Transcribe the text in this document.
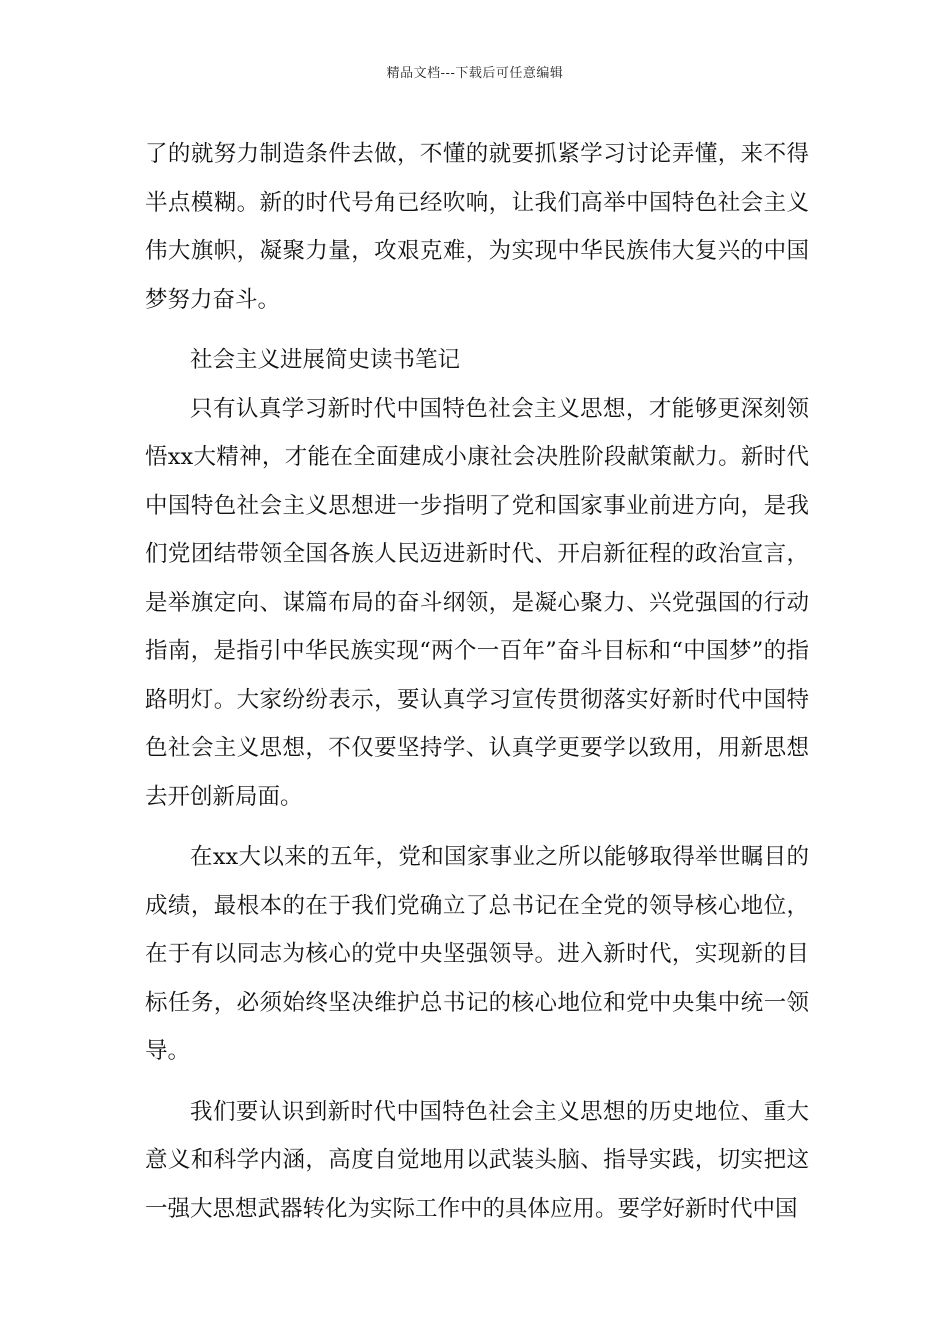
精品文档---下载后可任意编辑

了的就努力制造条件去做，不懂的就要抓紧学习讨论弄懂，来不得半点模糊。新的时代号角已经吹响，让我们高举中国特色社会主义伟大旗帜，凝聚力量，攻艰克难，为实现中华民族伟大复兴的中国梦努力奋斗。

社会主义进展简史读书笔记

只有认真学习新时代中国特色社会主义思想，才能够更深刻领悟xx大精神，才能在全面建成小康社会决胜阶段献策献力。新时代中国特色社会主义思想进一步指明了党和国家事业前进方向，是我们党团结带领全国各族人民迈进新时代、开启新征程的政治宣言，是举旗定向、谋篇布局的奋斗纲领，是凝心聚力、兴党强国的行动指南，是指引中华民族实现“两个一百年”奋斗目标和“中国梦”的指路明灯。大家纷纷表示，要认真学习宣传贯彻落实好新时代中国特色社会主义思想，不仅要坚持学、认真学更要学以致用，用新思想去开创新局面。

在xx大以来的五年，党和国家事业之所以能够取得举世瞩目的成绩，最根本的在于我们党确立了总书记在全党的领导核心地位，在于有以同志为核心的党中央坚强领导。进入新时代，实现新的目标任务，必须始终坚决维护总书记的核心地位和党中央集中统一领导。

我们要认识到新时代中国特色社会主义思想的历史地位、重大意义和科学内涵，高度自觉地用以武装头脑、指导实践，切实把这一强大思想武器转化为实际工作中的具体应用。要学好新时代中国
